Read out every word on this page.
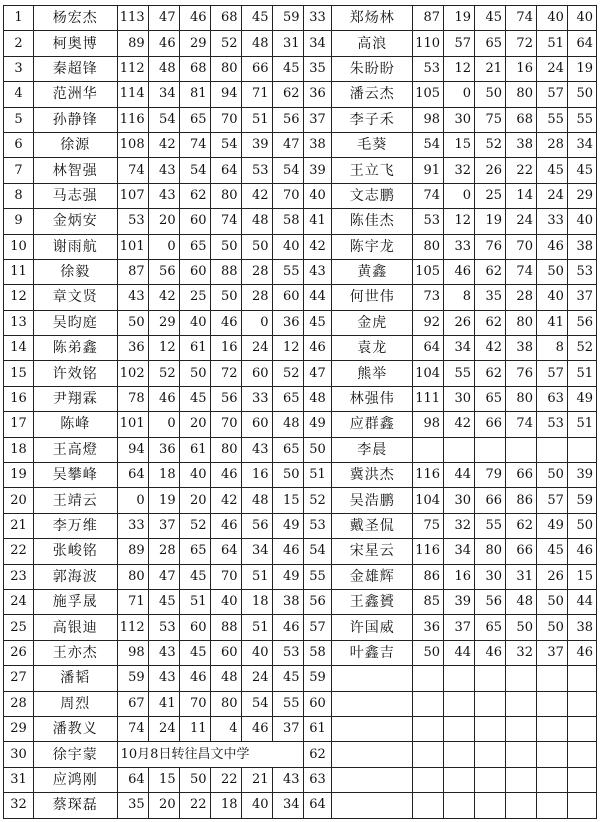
1	杨宏杰	113	47	46	68	45	59	33	郑炀林	87	19	45	74	40	40
2	柯奥博	89	46	29	52	48	31	34	高浪	110	57	65	72	51	64
3	秦超锋	112	48	68	80	66	45	35	朱盼盼	53	12	21	16	24	19
4	范洲华	114	34	81	94	71	62	36	潘云杰	105	0	50	80	57	50
5	孙静锋	116	54	65	70	51	56	37	李子禾	98	30	75	68	55	55
6	徐源	108	42	74	54	39	47	38	毛葵	54	15	52	38	28	34
7	林智强	74	43	54	64	53	54	39	王立飞	91	32	26	22	45	45
8	马志强	107	43	62	80	42	70	40	文志鹏	74	0	25	14	24	29
9	金炳安	53	20	60	74	48	58	41	陈佳杰	53	12	19	24	33	40
10	谢雨航	101	0	65	50	50	40	42	陈宇龙	80	33	76	70	46	38
11	徐毅	87	56	60	88	28	55	43	黄鑫	105	46	62	74	50	53
12	章文贤	43	42	25	50	28	60	44	何世伟	73	8	35	28	40	37
13	吴昀庭	50	29	40	46	0	36	45	金虎	92	26	62	80	41	56
14	陈弟鑫	36	12	61	16	24	12	46	袁龙	64	34	42	38	8	52
15	许效铭	102	52	50	72	60	52	47	熊举	104	55	62	76	57	51
16	尹翔霖	78	46	45	56	33	65	48	林强伟	111	30	65	80	63	49
17	陈峰	101	0	20	70	60	48	49	应群鑫	98	42	66	74	53	51
18	王高燈	94	36	61	80	43	65	50	李晨						
19	吴攀峰	64	18	40	46	16	50	51	冀洪杰	116	44	79	66	50	39
20	王靖云	0	19	20	42	48	15	52	吴浩鹏	104	30	66	86	57	59
21	李万维	33	37	52	46	56	49	53	戴圣侃	75	32	55	62	49	50
22	张峻铭	89	28	65	64	34	46	54	宋星云	116	34	80	66	45	46
23	郭海波	80	47	45	70	51	49	55	金雄辉	86	16	30	31	26	15
24	施孚晟	71	45	51	40	18	38	56	王鑫贇	85	39	56	48	50	44
25	高银迪	112	53	60	88	51	46	57	许国威	36	37	65	50	50	38
26	王亦杰	98	43	45	60	40	53	58	叶鑫吉	50	44	46	32	37	46
27	潘韬	59	43	46	48	24	45	59							
28	周烈	67	41	70	80	54	55	60							
29	潘教义	74	24	11	4	46	37	61							
30	徐宇蒙	10月8日转往昌文中学						62							
31	应鸿刚	64	15	50	22	21	43	63							
32	蔡琛磊	35	20	22	18	40	34	64							
